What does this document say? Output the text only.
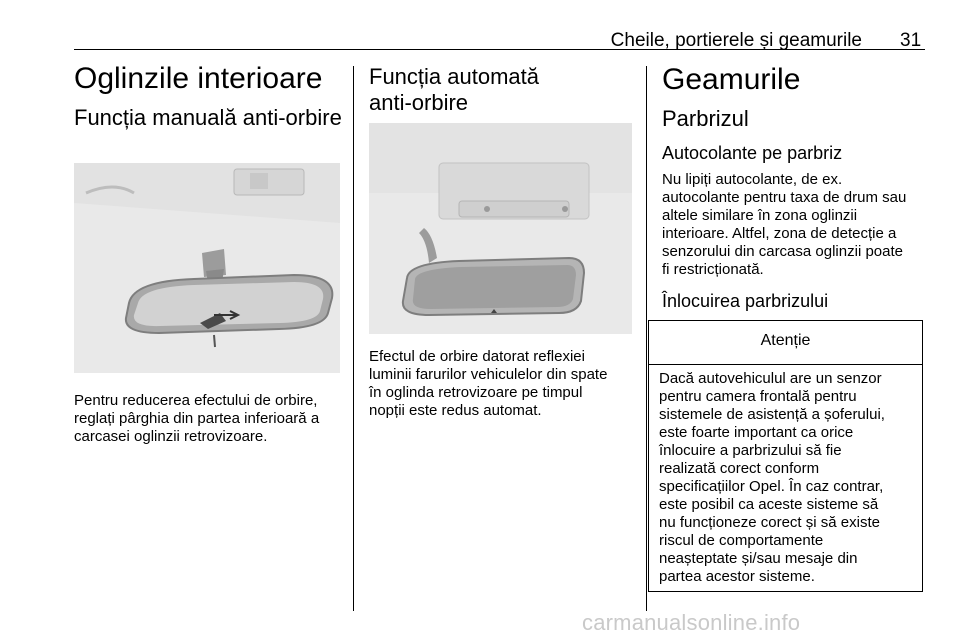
Cheile, portierele și geamurile 31
Oglinzile interioare
Funcția manuală anti-orbire
Pentru reducerea efectului de orbire,
reglați pârghia din partea inferioară a
carcasei oglinzii retrovizoare.
Funcția automată
anti-orbire
Efectul de orbire datorat reflexiei
luminii farurilor vehiculelor din spate
în oglinda retrovizoare pe timpul
nopții este redus automat.
Geamurile
Parbrizul
Autocolante pe parbriz
Nu lipiți autocolante, de ex.
autocolante pentru taxa de drum sau
altele similare în zona oglinzii
interioare. Altfel, zona de detecție a
senzorului din carcasa oglinzii poate
fi restricționată.
Înlocuirea parbrizului
Atenție
Dacă autovehiculul are un senzor
pentru camera frontală pentru
sistemele de asistență a șoferului,
este foarte important ca orice
înlocuire a parbrizului să fie
realizată corect conform
specificațiilor Opel. În caz contrar,
este posibil ca aceste sisteme să
nu funcționeze corect și să existe
riscul de comportamente
neașteptate și/sau mesaje din
partea acestor sisteme.
carmanualsonline.info
